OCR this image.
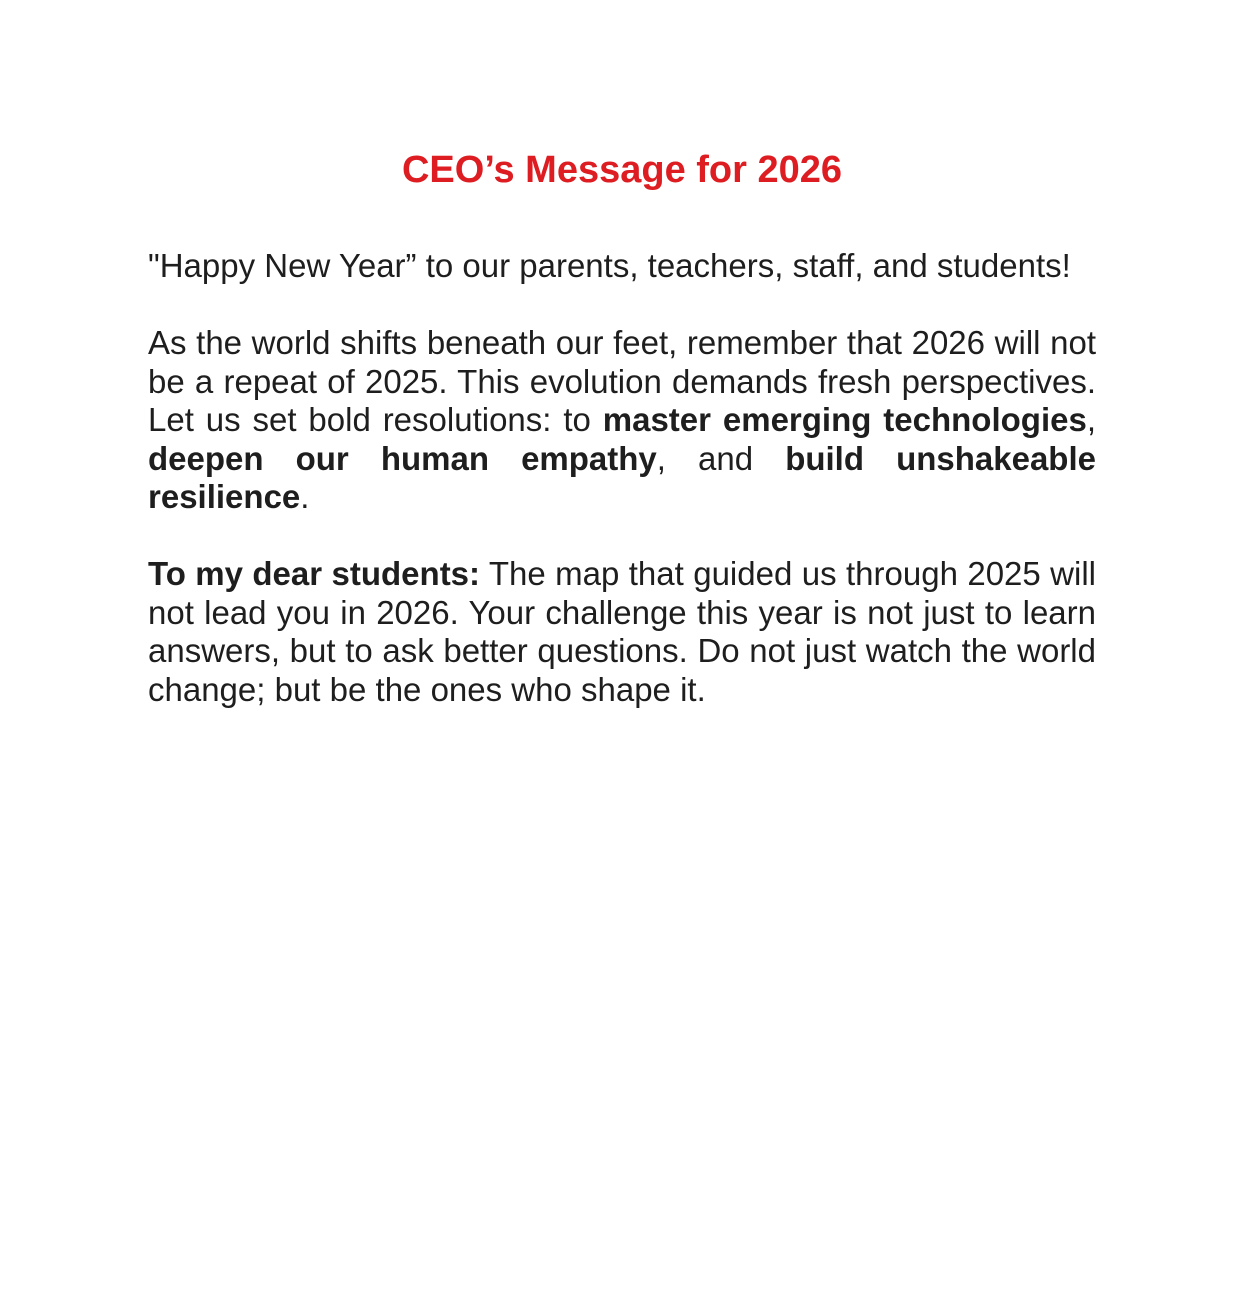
CEO’s Message for 2026

"Happy New Year” to our parents, teachers, staff, and students!

As the world shifts beneath our feet, remember that 2026 will not be a repeat of 2025. This evolution demands fresh perspectives. Let us set bold resolutions: to master emerging technologies, deepen our human empathy, and build unshakeable resilience.

To my dear students: The map that guided us through 2025 will not lead you in 2026. Your challenge this year is not just to learn answers, but to ask better questions. Do not just watch the world change; but be the ones who shape it.
